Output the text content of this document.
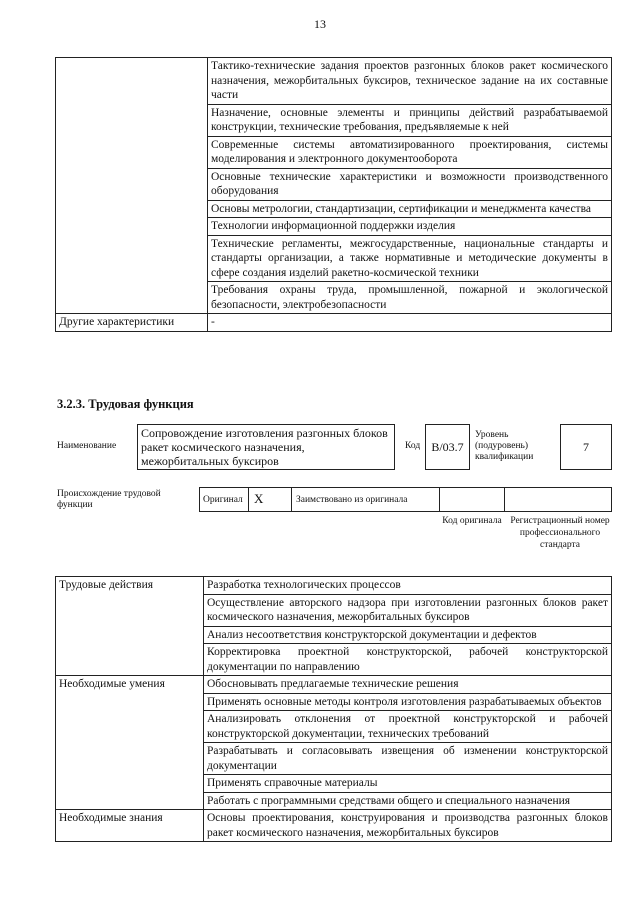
13
	Тактико-технические задания проектов разгонных блоков ракет космического назначения, межорбитальных буксиров, техническое задание на их составные части
	Назначение, основные элементы и принципы действий разрабатываемой конструкции, технические требования, предъявляемые к ней
	Современные системы автоматизированного проектирования, системы моделирования и электронного документооборота
	Основные технические характеристики и возможности производственного оборудования
	Основы метрологии, стандартизации, сертификации и менеджмента качества
	Технологии информационной поддержки изделия
	Технические регламенты, межгосударственные, национальные стандарты и стандарты организации, а также нормативные и методические документы в сфере создания изделий ракетно-космической техники
	Требования охраны труда, промышленной, пожарной и экологической безопасности, электробезопасности
Другие характеристики	-
3.2.3. Трудовая функция
Наименование
Сопровождение изготовления разгонных блоков ракет космического назначения, межорбитальных буксиров
Код B/03.7
Уровень (подуровень) квалификации
7
Происхождение трудовой функции	Оригинал X	Заимствовано из оригинала
Код оригинала Регистрационный номер профессионального стандарта
Трудовые действия	Разработка технологических процессов
	Осуществление авторского надзора при изготовлении разгонных блоков ракет космического назначения, межорбитальных буксиров
	Анализ несоответствия конструкторской документации и дефектов
	Корректировка проектной конструкторской, рабочей конструкторской документации по направлению
Необходимые умения	Обосновывать предлагаемые технические решения
	Применять основные методы контроля изготовления разрабатываемых объектов
	Анализировать отклонения от проектной конструкторской и рабочей конструкторской документации, технических требований
	Разрабатывать и согласовывать извещения об изменении конструкторской документации
	Применять справочные материалы
	Работать с программными средствами общего и специального назначения
Необходимые знания	Основы проектирования, конструирования и производства разгонных блоков ракет космического назначения, межорбитальных буксиров
